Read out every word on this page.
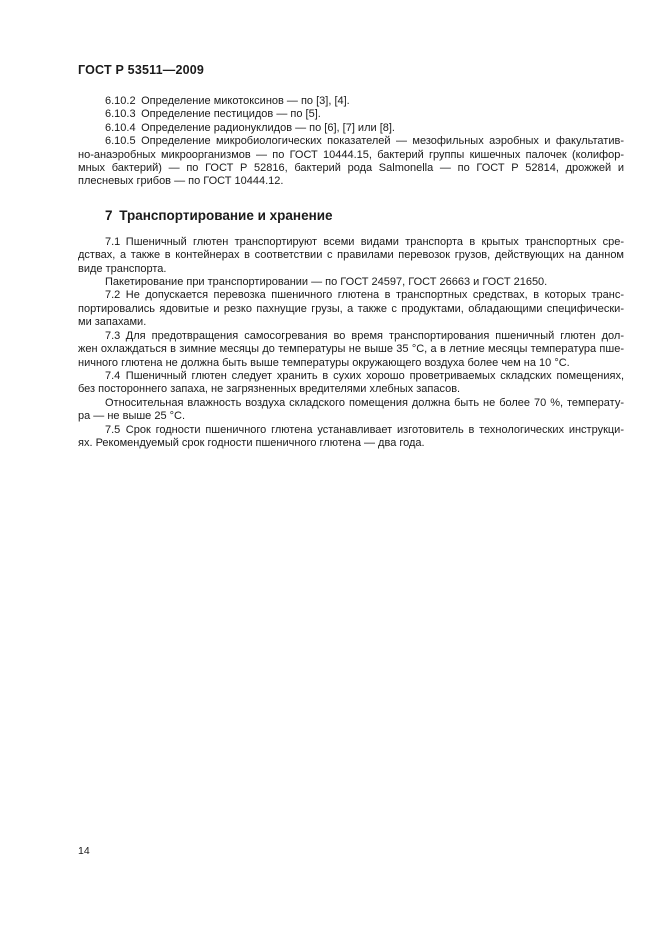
ГОСТ Р 53511—2009

6.10.2 Определение микотоксинов — по [3], [4].

6.10.3 Определение пестицидов — по [5].

6.10.4 Определение радионуклидов — по [6], [7] или [8].

6.10.5 Определение микробиологических показателей — мезофильных аэробных и факультатив-
но-анаэробных микроорганизмов — по ГОСТ 10444.15, бактерий группы кишечных палочек (колифор-
мных бактерий) — по ГОСТ Р 52816, бактерий рода Salmonella — по ГОСТ Р 52814, дрожжей и
плесневых грибов — по ГОСТ 10444.12.

7 Транспортирование и хранение

7.1 Пшеничный глютен транспортируют всеми видами транспорта в крытых транспортных сре-
дствах, а также в контейнерах в соответствии с правилами перевозок грузов, действующих на данном
виде транспорта.

Пакетирование при транспортировании — по ГОСТ 24597, ГОСТ 26663 и ГОСТ 21650.

7.2 Не допускается перевозка пшеничного глютена в транспортных средствах, в которых транс-
портировались ядовитые и резко пахнущие грузы, а также с продуктами, обладающими специфически-
ми запахами.

7.3 Для предотвращения самосогревания во время транспортирования пшеничный глютен дол-
жен охлаждаться в зимние месяцы до температуры не выше 35 °С, а в летние месяцы температура пше-
ничного глютена не должна быть выше температуры окружающего воздуха более чем на 10 °С.

7.4 Пшеничный глютен следует хранить в сухих хорошо проветриваемых складских помещениях,
без постороннего запаха, не загрязненных вредителями хлебных запасов.

Относительная влажность воздуха складского помещения должна быть не более 70 %, температу-
ра — не выше 25 °С.

7.5 Срок годности пшеничного глютена устанавливает изготовитель в технологических инструкци-
ях. Рекомендуемый срок годности пшеничного глютена — два года.

14
